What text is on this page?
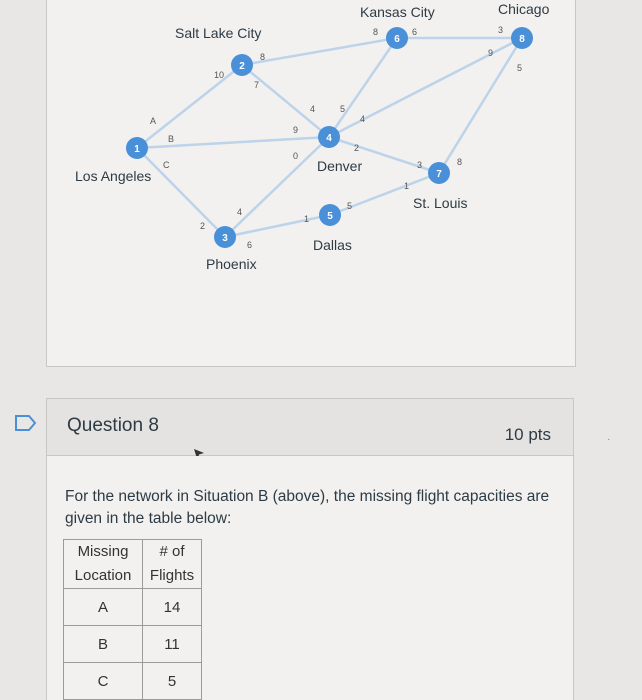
1
2
3
4
5
6
7
8
Los Angeles
Salt Lake City
Phoenix
Denver
Dallas
Kansas City
St. Louis
Chicago
A
B
C
10
8
7
4	5
9
0
2
4
8	6
9
3
5
3	8
1
5
1
2
4
6
Question 8	10 pts	·
For the network in Situation B (above), the missing flight capacities are given in the table below:
Missing
Location	# of
Flights
A	14
B	11
C	5
